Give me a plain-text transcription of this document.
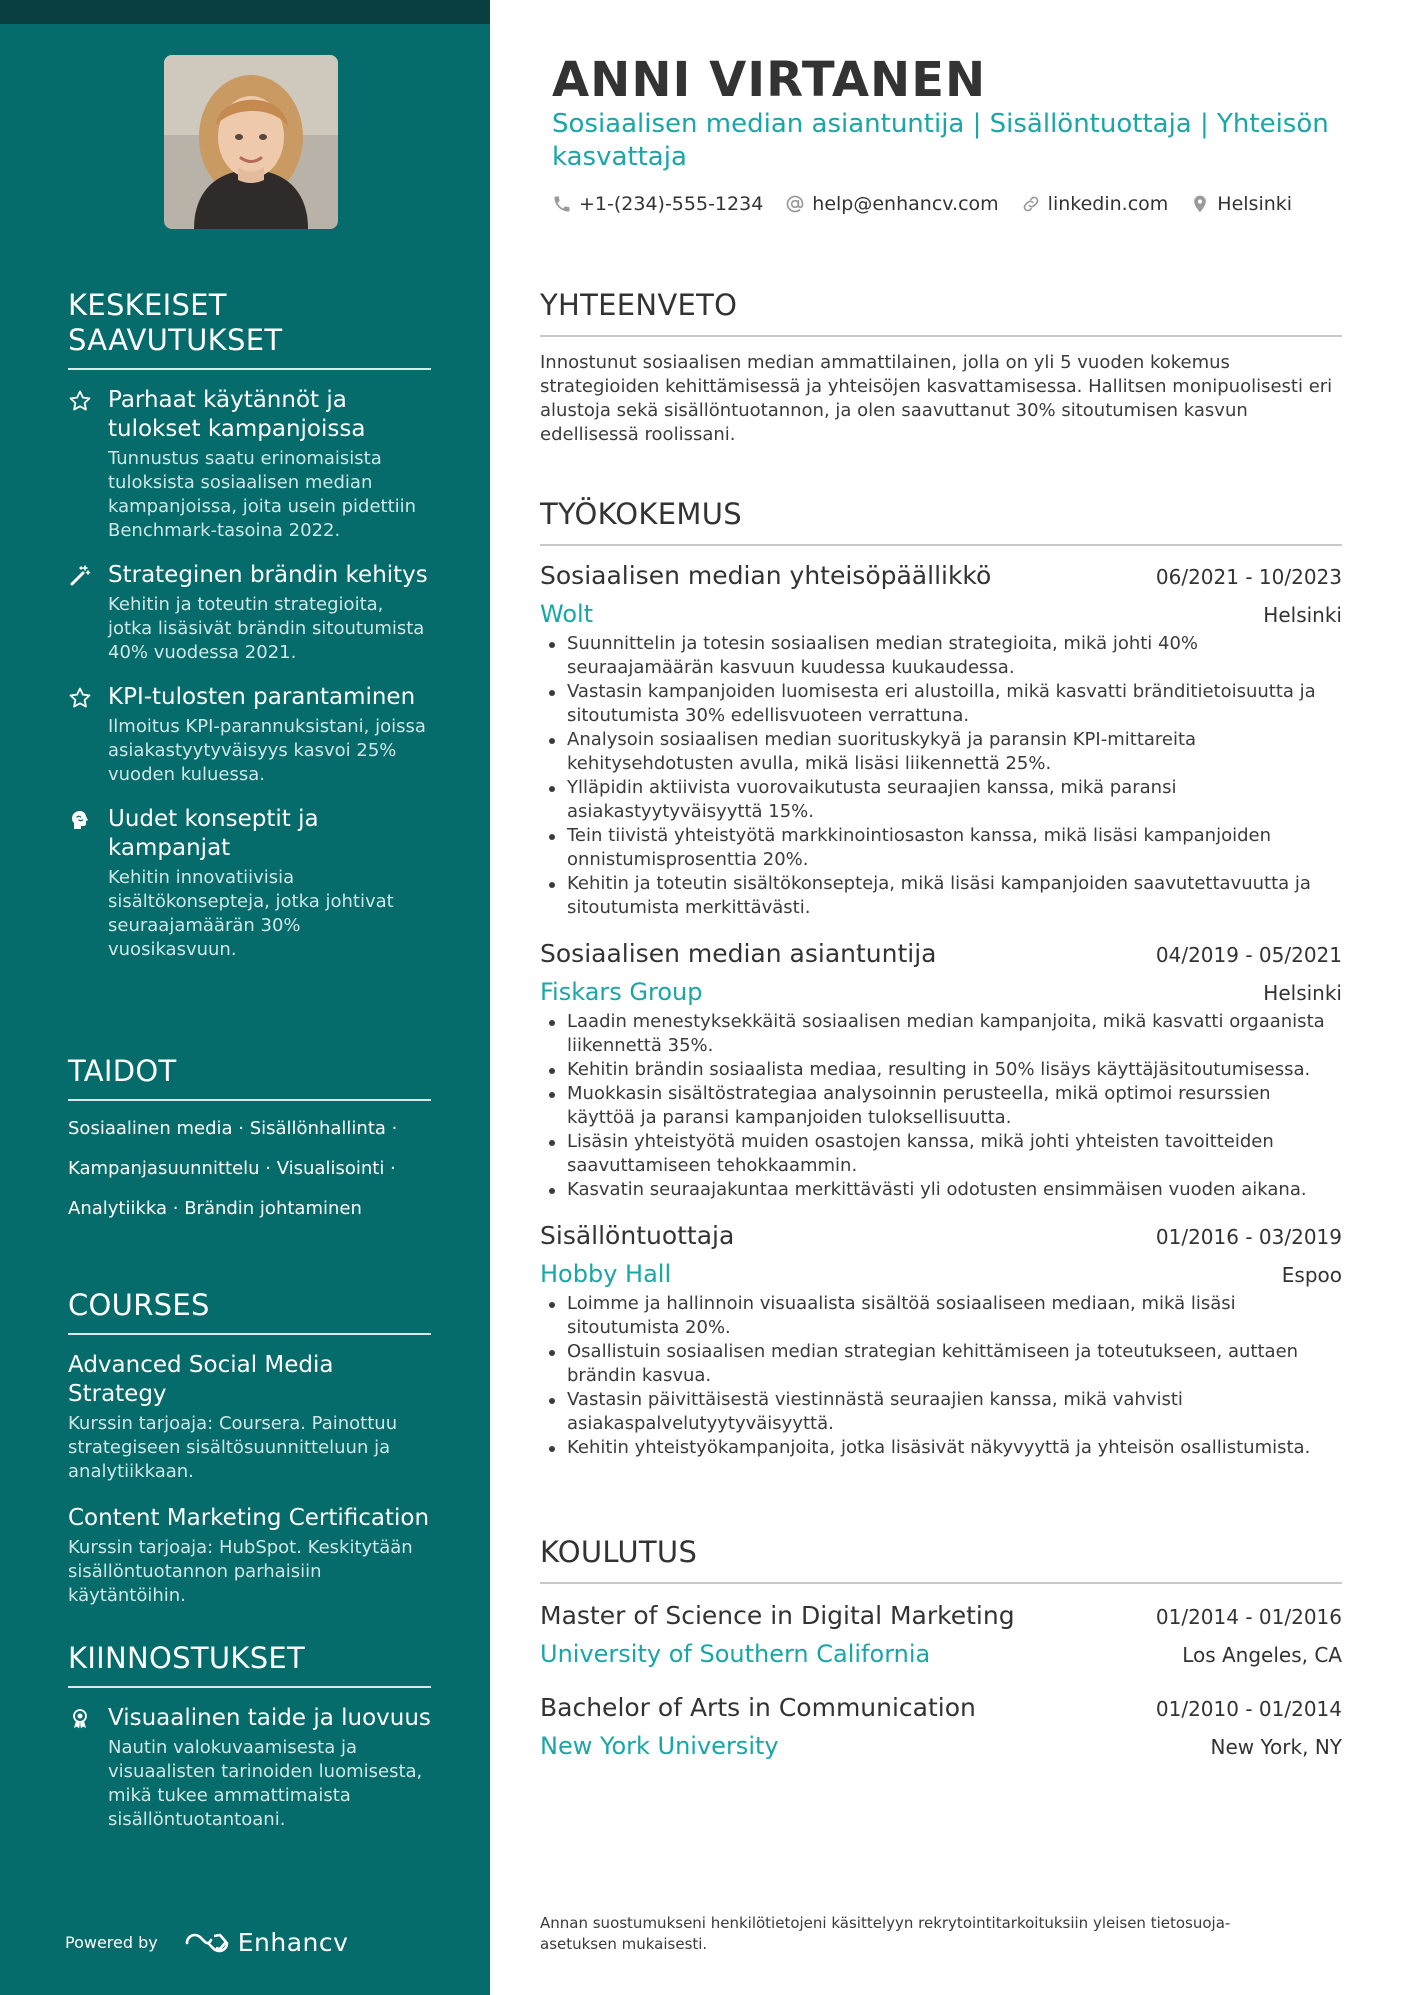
KESKEISET SAAVUTUKSET
Parhaat käytännöt ja tulokset kampanjoissa
Tunnustus saatu erinomaisista tuloksista sosiaalisen median kampanjoissa, joita usein pidettiin Benchmark-tasoina 2022.
Strateginen brändin kehitys
Kehitin ja toteutin strategioita, jotka lisäsivät brändin sitoutumista 40% vuodessa 2021.
KPI-tulosten parantaminen
Ilmoitus KPI-parannuksistani, joissa asiakastyytyväisyys kasvoi 25% vuoden kuluessa.
Uudet konseptit ja kampanjat
Kehitin innovatiivisia sisältökonsepteja, jotka johtivat seuraajamäärän 30% vuosikasvuun.
TAIDOT
Sosiaalinen media · Sisällönhallinta ·
Kampanjasuunnittelu · Visualisointi ·
Analytiikka · Brändin johtaminen
COURSES
Advanced Social Media Strategy
Kurssin tarjoaja: Coursera. Painottuu strategiseen sisältösuunnitteluun ja analytiikkaan.
Content Marketing Certification
Kurssin tarjoaja: HubSpot. Keskitytään sisällöntuotannon parhaisiin käytäntöihin.
KIINNOSTUKSET
Visuaalinen taide ja luovuus
Nautin valokuvaamisesta ja visuaalisten tarinoiden luomisesta, mikä tukee ammattimaista sisällöntuotantoani.
Powered by	Enhancv
ANNI VIRTANEN
Sosiaalisen median asiantuntija | Sisällöntuottaja | Yhteisön kasvattaja
+1-(234)-555-1234	help@enhancv.com	linkedin.com	Helsinki
YHTEENVETO
Innostunut sosiaalisen median ammattilainen, jolla on yli 5 vuoden kokemus strategioiden kehittämisessä ja yhteisöjen kasvattamisessa. Hallitsen monipuolisesti eri alustoja sekä sisällöntuotannon, ja olen saavuttanut 30% sitoutumisen kasvun edellisessä roolissani.
TYÖKOKEMUS
Sosiaalisen median yhteisöpäällikkö	06/2021 - 10/2023
Wolt	Helsinki
Suunnittelin ja totesin sosiaalisen median strategioita, mikä johti 40% seuraajamäärän kasvuun kuudessa kuukaudessa.
Vastasin kampanjoiden luomisesta eri alustoilla, mikä kasvatti bränditietoisuutta ja sitoutumista 30% edellisvuoteen verrattuna.
Analysoin sosiaalisen median suorituskykyä ja paransin KPI-mittareita kehitysehdotusten avulla, mikä lisäsi liikennettä 25%.
Ylläpidin aktiivista vuorovaikutusta seuraajien kanssa, mikä paransi asiakastyytyväisyyttä 15%.
Tein tiivistä yhteistyötä markkinointiosaston kanssa, mikä lisäsi kampanjoiden onnistumisprosenttia 20%.
Kehitin ja toteutin sisältökonsepteja, mikä lisäsi kampanjoiden saavutettavuutta ja sitoutumista merkittävästi.
Sosiaalisen median asiantuntija	04/2019 - 05/2021
Fiskars Group	Helsinki
Laadin menestyksekkäitä sosiaalisen median kampanjoita, mikä kasvatti orgaanista liikennettä 35%.
Kehitin brändin sosiaalista mediaa, resulting in 50% lisäys käyttäjäsitoutumisessa.
Muokkasin sisältöstrategiaa analysoinnin perusteella, mikä optimoi resurssien käyttöä ja paransi kampanjoiden tuloksellisuutta.
Lisäsin yhteistyötä muiden osastojen kanssa, mikä johti yhteisten tavoitteiden saavuttamiseen tehokkaammin.
Kasvatin seuraajakuntaa merkittävästi yli odotusten ensimmäisen vuoden aikana.
Sisällöntuottaja	01/2016 - 03/2019
Hobby Hall	Espoo
Loimme ja hallinnoin visuaalista sisältöä sosiaaliseen mediaan, mikä lisäsi sitoutumista 20%.
Osallistuin sosiaalisen median strategian kehittämiseen ja toteutukseen, auttaen brändin kasvua.
Vastasin päivittäisestä viestinnästä seuraajien kanssa, mikä vahvisti asiakaspalvelutyytyväisyyttä.
Kehitin yhteistyökampanjoita, jotka lisäsivät näkyvyyttä ja yhteisön osallistumista.
KOULUTUS
Master of Science in Digital Marketing	01/2014 - 01/2016
University of Southern California	Los Angeles, CA
Bachelor of Arts in Communication	01/2010 - 01/2014
New York University	New York, NY
Annan suostumukseni henkilötietojeni käsittelyyn rekrytointitarkoituksiin yleisen tietosuoja-asetuksen mukaisesti.
